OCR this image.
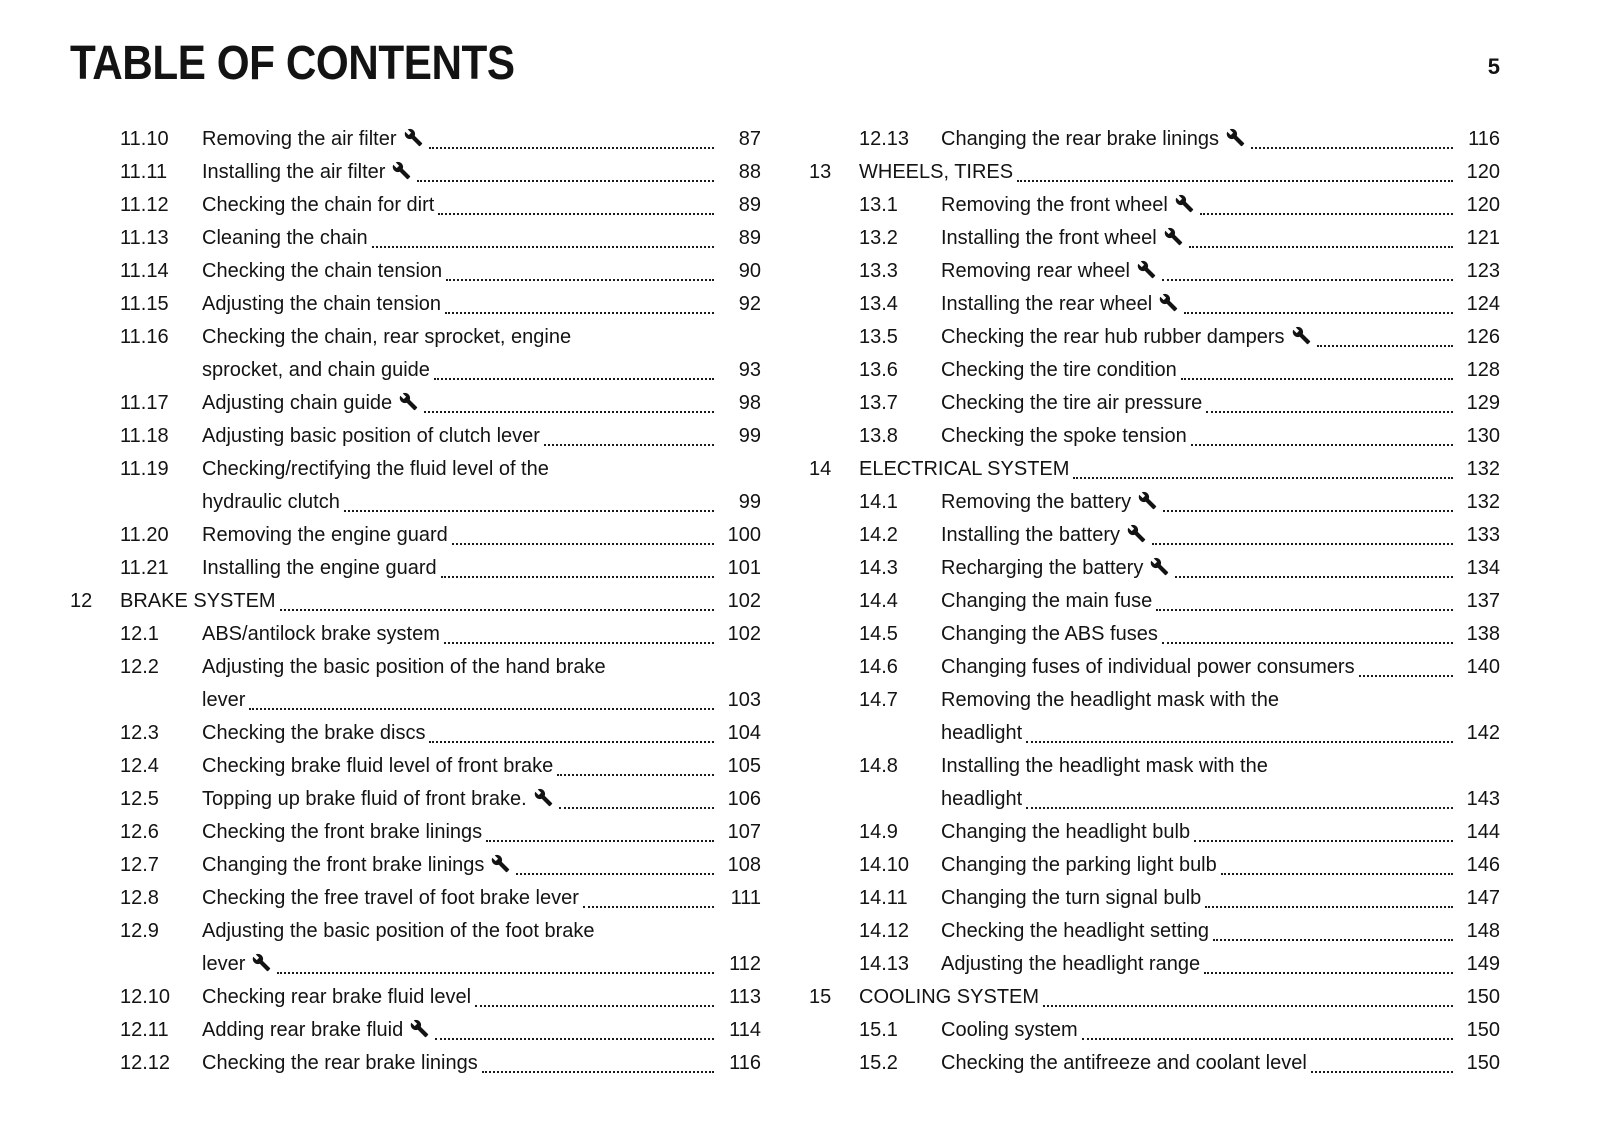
TABLE OF CONTENTS	5
11.10	Removing the air filter	87
11.11	Installing the air filter	88
11.12	Checking the chain for dirt	89
11.13	Cleaning the chain	89
11.14	Checking the chain tension	90
11.15	Adjusting the chain tension	92
11.16	Checking the chain, rear sprocket, engine
sprocket, and chain guide	93
11.17	Adjusting chain guide	98
11.18	Adjusting basic position of clutch lever	99
11.19	Checking/rectifying the fluid level of the
hydraulic clutch	99
11.20	Removing the engine guard	100
11.21	Installing the engine guard	101
12	BRAKE SYSTEM	102
12.1	ABS/antilock brake system	102
12.2	Adjusting the basic position of the hand brake
lever	103
12.3	Checking the brake discs	104
12.4	Checking brake fluid level of front brake	105
12.5	Topping up brake fluid of front brake.	106
12.6	Checking the front brake linings	107
12.7	Changing the front brake linings	108
12.8	Checking the free travel of foot brake lever	111
12.9	Adjusting the basic position of the foot brake
lever	112
12.10	Checking rear brake fluid level	113
12.11	Adding rear brake fluid	114
12.12	Checking the rear brake linings	116
12.13	Changing the rear brake linings	116
13	WHEELS, TIRES	120
13.1	Removing the front wheel	120
13.2	Installing the front wheel	121
13.3	Removing rear wheel	123
13.4	Installing the rear wheel	124
13.5	Checking the rear hub rubber dampers	126
13.6	Checking the tire condition	128
13.7	Checking the tire air pressure	129
13.8	Checking the spoke tension	130
14	ELECTRICAL SYSTEM	132
14.1	Removing the battery	132
14.2	Installing the battery	133
14.3	Recharging the battery	134
14.4	Changing the main fuse	137
14.5	Changing the ABS fuses	138
14.6	Changing fuses of individual power consumers	140
14.7	Removing the headlight mask with the
headlight	142
14.8	Installing the headlight mask with the
headlight	143
14.9	Changing the headlight bulb	144
14.10	Changing the parking light bulb	146
14.11	Changing the turn signal bulb	147
14.12	Checking the headlight setting	148
14.13	Adjusting the headlight range	149
15	COOLING SYSTEM	150
15.1	Cooling system	150
15.2	Checking the antifreeze and coolant level	150
